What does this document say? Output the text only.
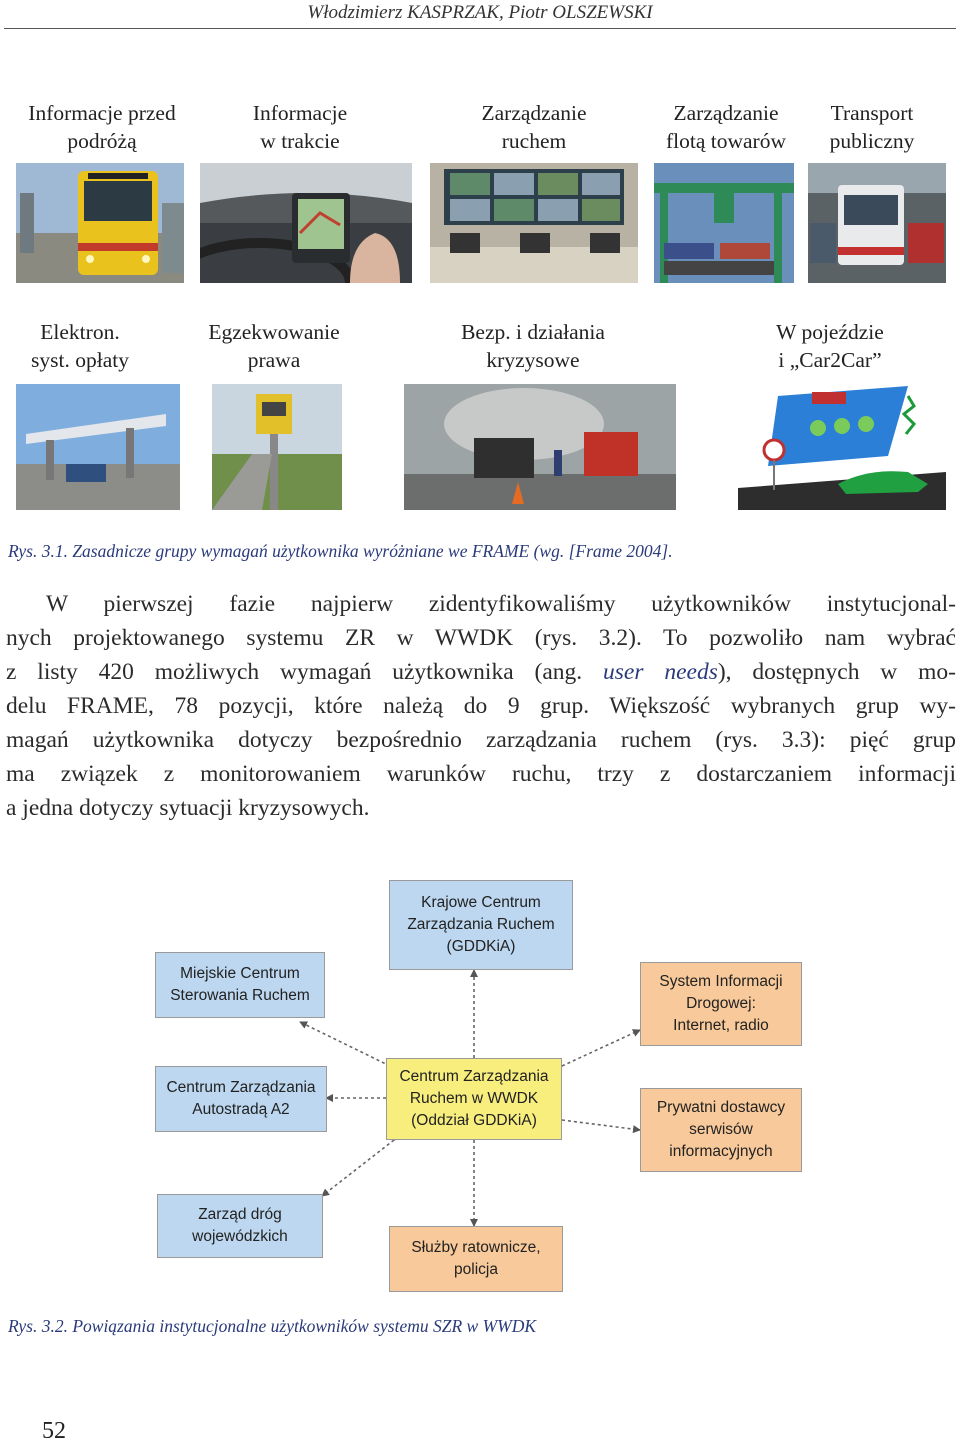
Włodzimierz KASPRZAK, Piotr OLSZEWSKI
Informacje przed
podróżą
Informacje
w trakcie
Zarządzanie
ruchem
Zarządzanie
flotą towarów
Transport
publiczny
Elektron.
syst. opłaty
Egzekwowanie
prawa
Bezp. i działania
kryzysowe
W pojeździe
i „Car2Car”
Rys. 3.1. Zasadnicze grupy wymagań użytkownika wyróżniane we FRAME (wg. [Frame 2004].
W pierwszej fazie najpierw zidentyfikowaliśmy użytkowników instytucjonal-
nych projektowanego systemu ZR w WWDK (rys. 3.2). To pozwoliło nam wybrać
z listy 420 możliwych wymagań użytkownika (ang. user needs), dostępnych w mo-
delu FRAME, 78 pozycji, które należą do 9 grup. Większość wybranych grup wy-
magań użytkownika dotyczy bezpośrednio zarządzania ruchem (rys. 3.3): pięć grup
ma związek z monitorowaniem warunków ruchu, trzy z dostarczaniem informacji
a jedna dotyczy sytuacji kryzysowych.
Krajowe Centrum
Zarządzania Ruchem
(GDDKiA)
Miejskie Centrum
Sterowania Ruchem
System Informacji
Drogowej:
Internet, radio
Centrum Zarządzania
Autostradą A2
Centrum Zarządzania
Ruchem w WWDK
(Oddział GDDKiA)
Prywatni dostawcy
serwisów
informacyjnych
Zarząd dróg
wojewódzkich
Służby ratownicze,
policja
Rys. 3.2. Powiązania instytucjonalne użytkowników systemu SZR w WWDK
52
